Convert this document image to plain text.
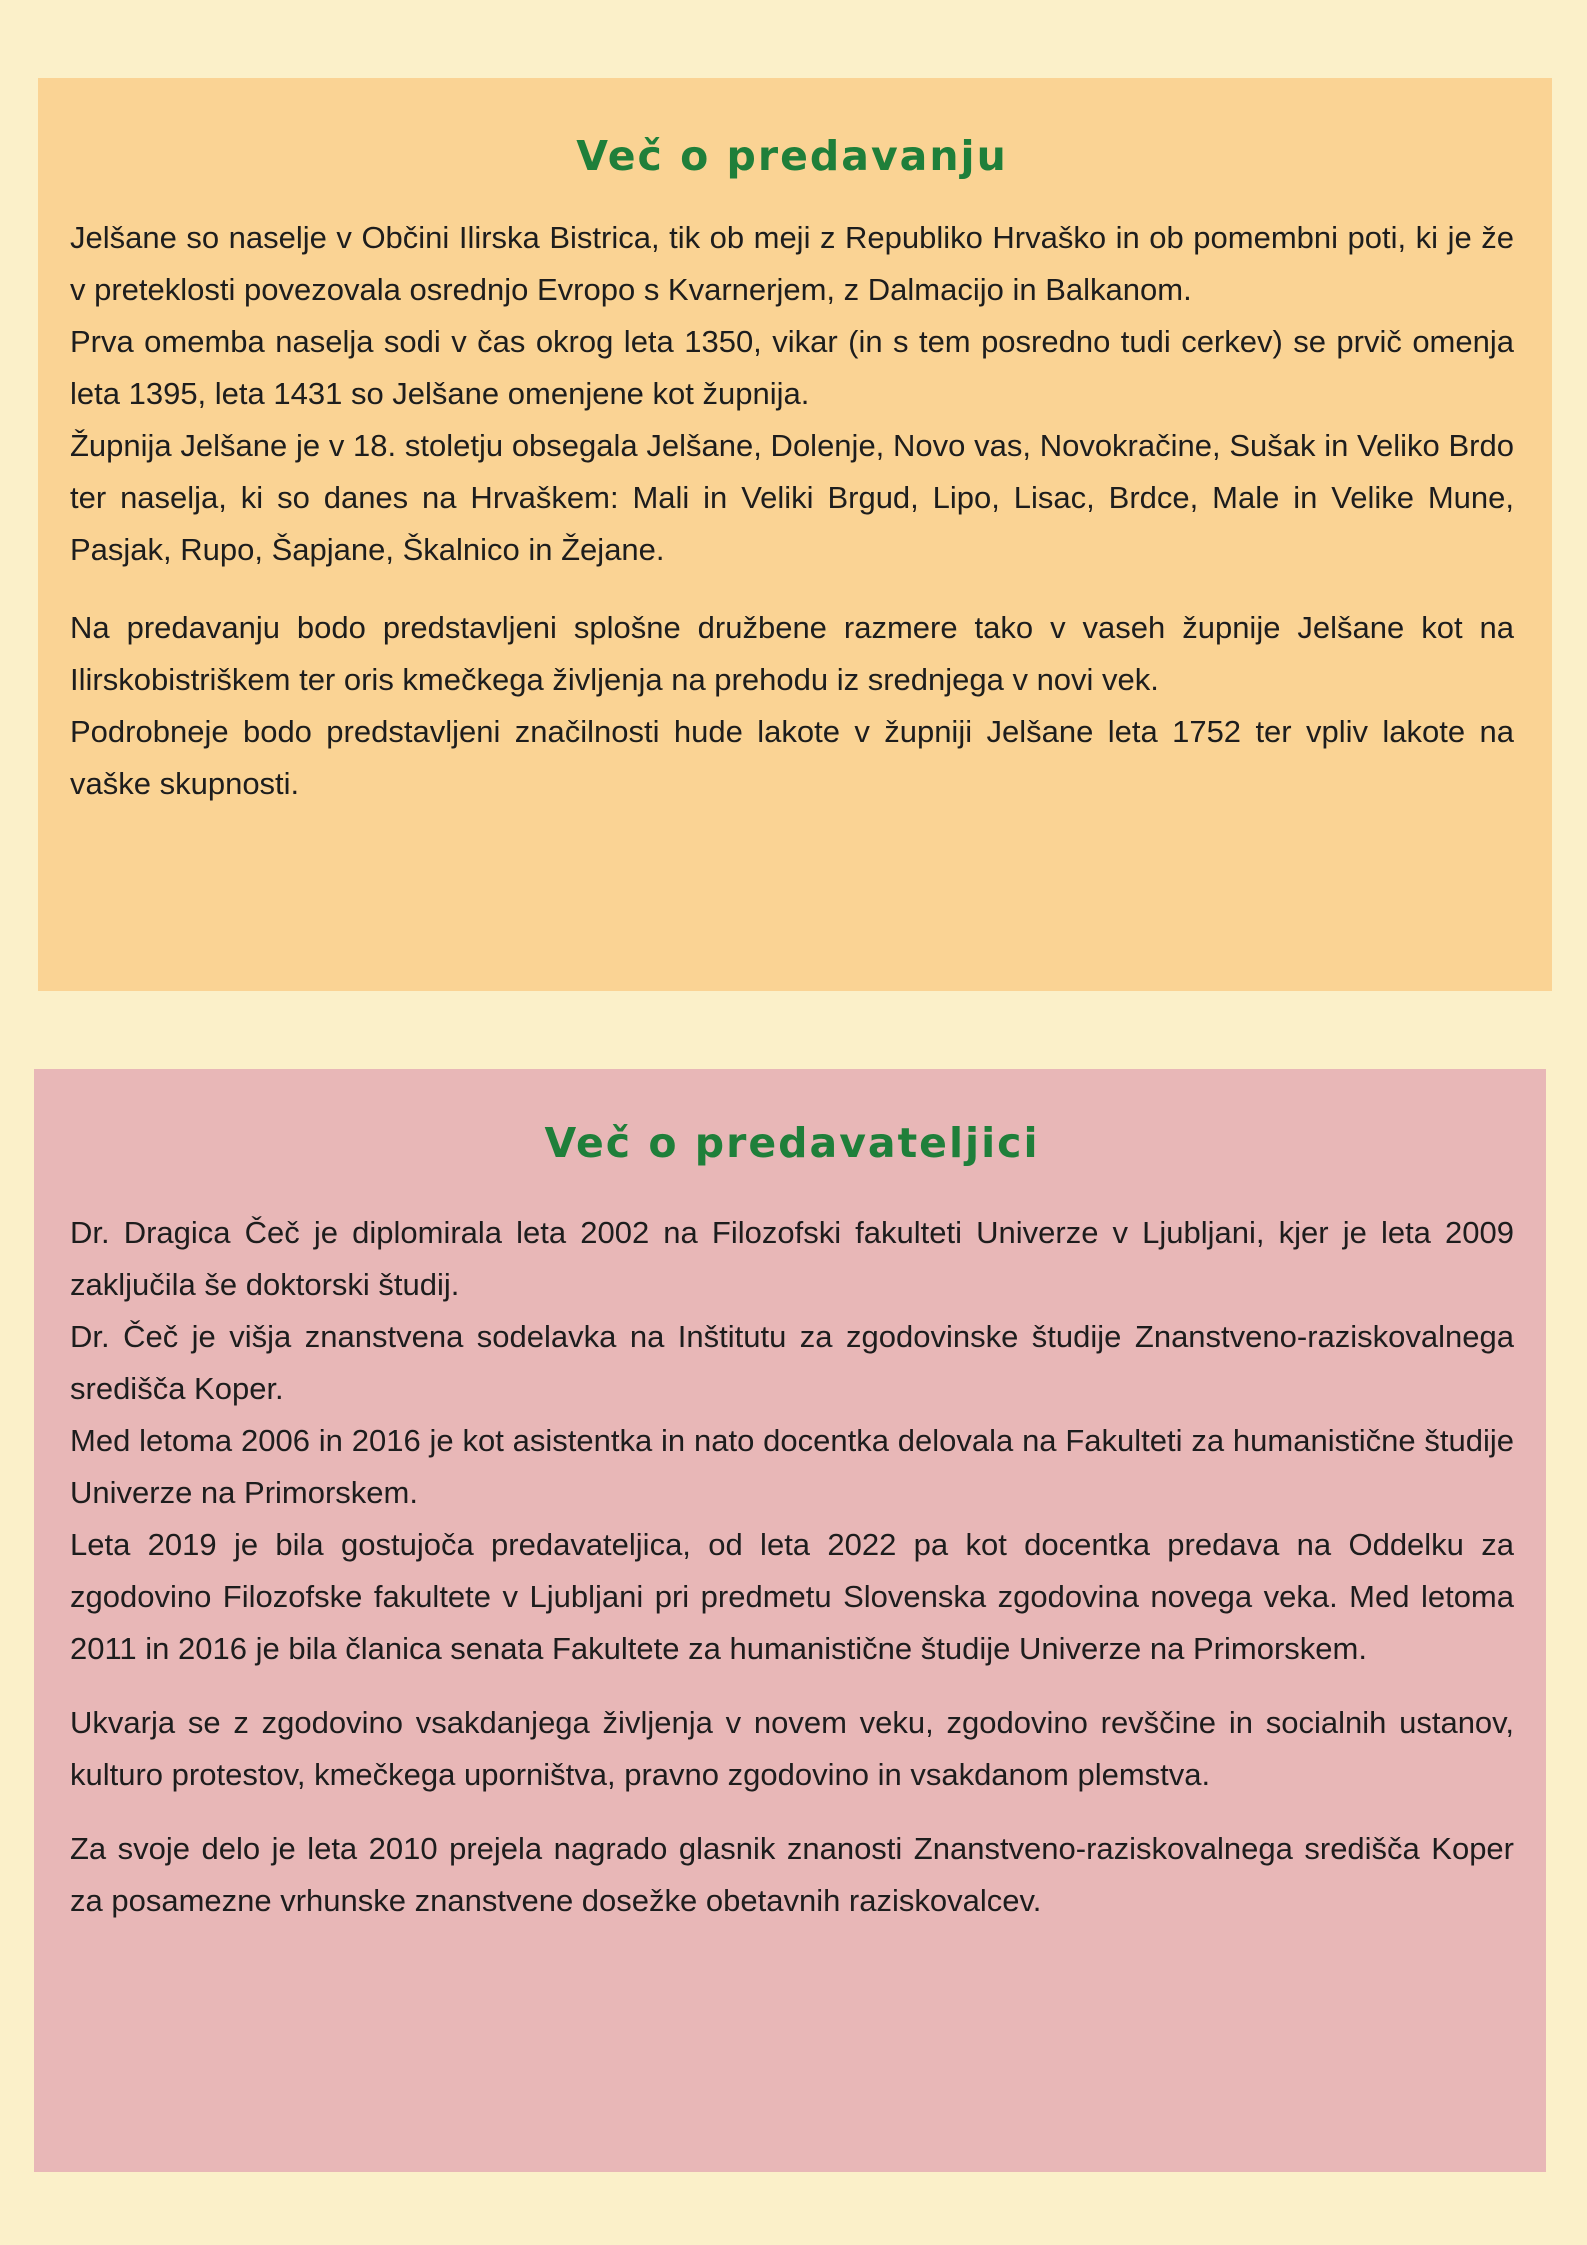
Več o predavanju

Jelšane so naselje v Občini Ilirska Bistrica, tik ob meji z Republiko Hrvaško in ob pomembni poti, ki je že v preteklosti povezovala osrednjo Evropo s Kvarnerjem, z Dalmacijo in Balkanom.

Prva omemba naselja sodi v čas okrog leta 1350, vikar (in s tem posredno tudi cerkev) se prvič omenja leta 1395, leta 1431 so Jelšane omenjene kot župnija.

Župnija Jelšane je v 18. stoletju obsegala Jelšane, Dolenje, Novo vas, Novokračine, Sušak in Veliko Brdo ter naselja, ki so danes na Hrvaškem: Mali in Veliki Brgud, Lipo, Lisac, Brdce, Male in Velike Mune, Pasjak, Rupo, Šapjane, Škalnico in Žejane.

Na predavanju bodo predstavljeni splošne družbene razmere tako v vaseh župnije Jelšane kot na Ilirskobistriškem ter oris kmečkega življenja na prehodu iz srednjega v novi vek.

Podrobneje bodo predstavljeni značilnosti hude lakote v župniji Jelšane leta 1752 ter vpliv lakote na vaške skupnosti.

Več o predavateljici

Dr. Dragica Čeč je diplomirala leta 2002 na Filozofski fakulteti Univerze v Ljubljani, kjer je leta 2009 zaključila še doktorski študij.

Dr. Čeč je višja znanstvena sodelavka na Inštitutu za zgodovinske študije Znanstveno-raziskovalnega središča Koper.

Med letoma 2006 in 2016 je kot asistentka in nato docentka delovala na Fakulteti za humanistične študije Univerze na Primorskem.

Leta 2019 je bila gostujoča predavateljica, od leta 2022 pa kot docentka predava na Oddelku za zgodovino Filozofske fakultete v Ljubljani pri predmetu Slovenska zgodovina novega veka. Med letoma 2011 in 2016 je bila članica senata Fakultete za humanistične študije Univerze na Primorskem.

Ukvarja se z zgodovino vsakdanjega življenja v novem veku, zgodovino revščine in socialnih ustanov, kulturo protestov, kmečkega uporništva, pravno zgodovino in vsakdanom plemstva.

Za svoje delo je leta 2010 prejela nagrado glasnik znanosti Znanstveno-raziskovalnega središča Koper za posamezne vrhunske znanstvene dosežke obetavnih raziskovalcev.
